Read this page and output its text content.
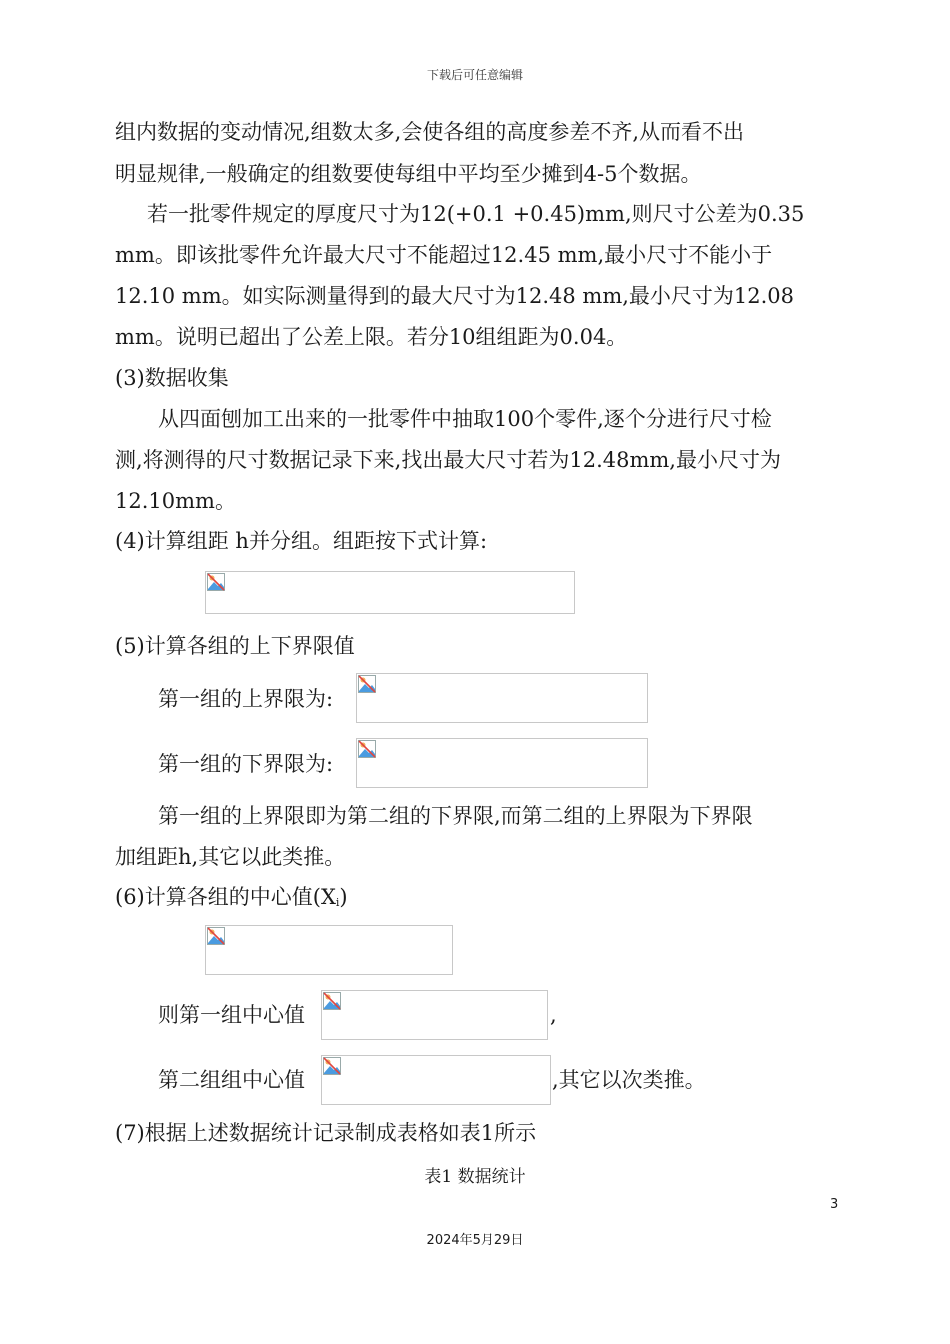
下载后可任意编辑
组内数据的变动情况,组数太多,会使各组的高度参差不齐,从而看不出
明显规律,一般确定的组数要使每组中平均至少摊到4-5个数据。
若一批零件规定的厚度尺寸为12(+0.1 +0.45)mm,则尺寸公差为0.35
mm。即该批零件允许最大尺寸不能超过12.45 mm,最小尺寸不能小于
12.10 mm。如实际测量得到的最大尺寸为12.48 mm,最小尺寸为12.08
mm。说明已超出了公差上限。若分10组组距为0.04。
(3)数据收集
从四面刨加工出来的一批零件中抽取100个零件,逐个分进行尺寸检
测,将测得的尺寸数据记录下来,找出最大尺寸若为12.48mm,最小尺寸为
12.10mm。
(4)计算组距 h并分组。组距按下式计算:
(5)计算各组的上下界限值
第一组的上界限为:
第一组的下界限为:
第一组的上界限即为第二组的下界限,而第二组的上界限为下界限
加组距h,其它以此类推。
(6)计算各组的中心值$(X_i)$
则第一组中心值	,
第二组组中心值	,其它以次类推。
(7)根据上述数据统计记录制成表格如表1所示
表1 数据统计
3
2024年5月29日
